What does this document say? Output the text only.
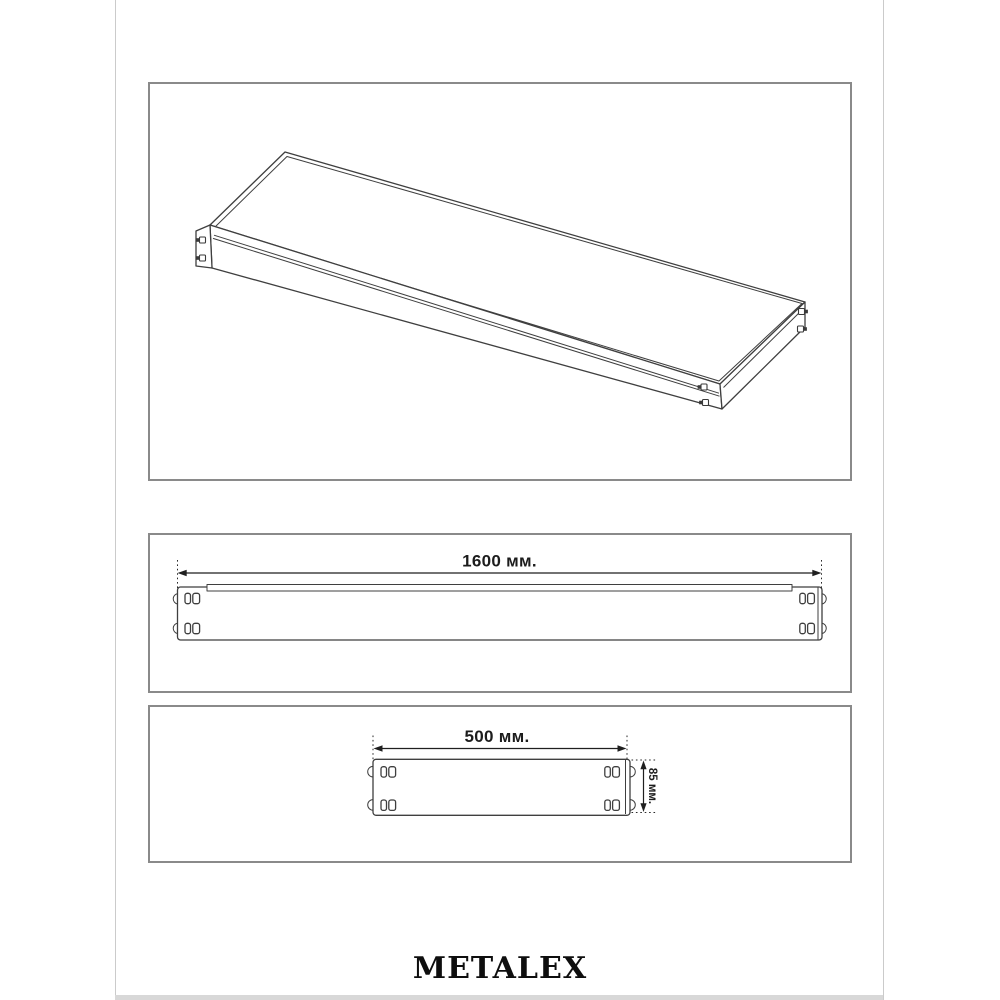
1600 мм.
500 мм.
85 мм.
METALEX
